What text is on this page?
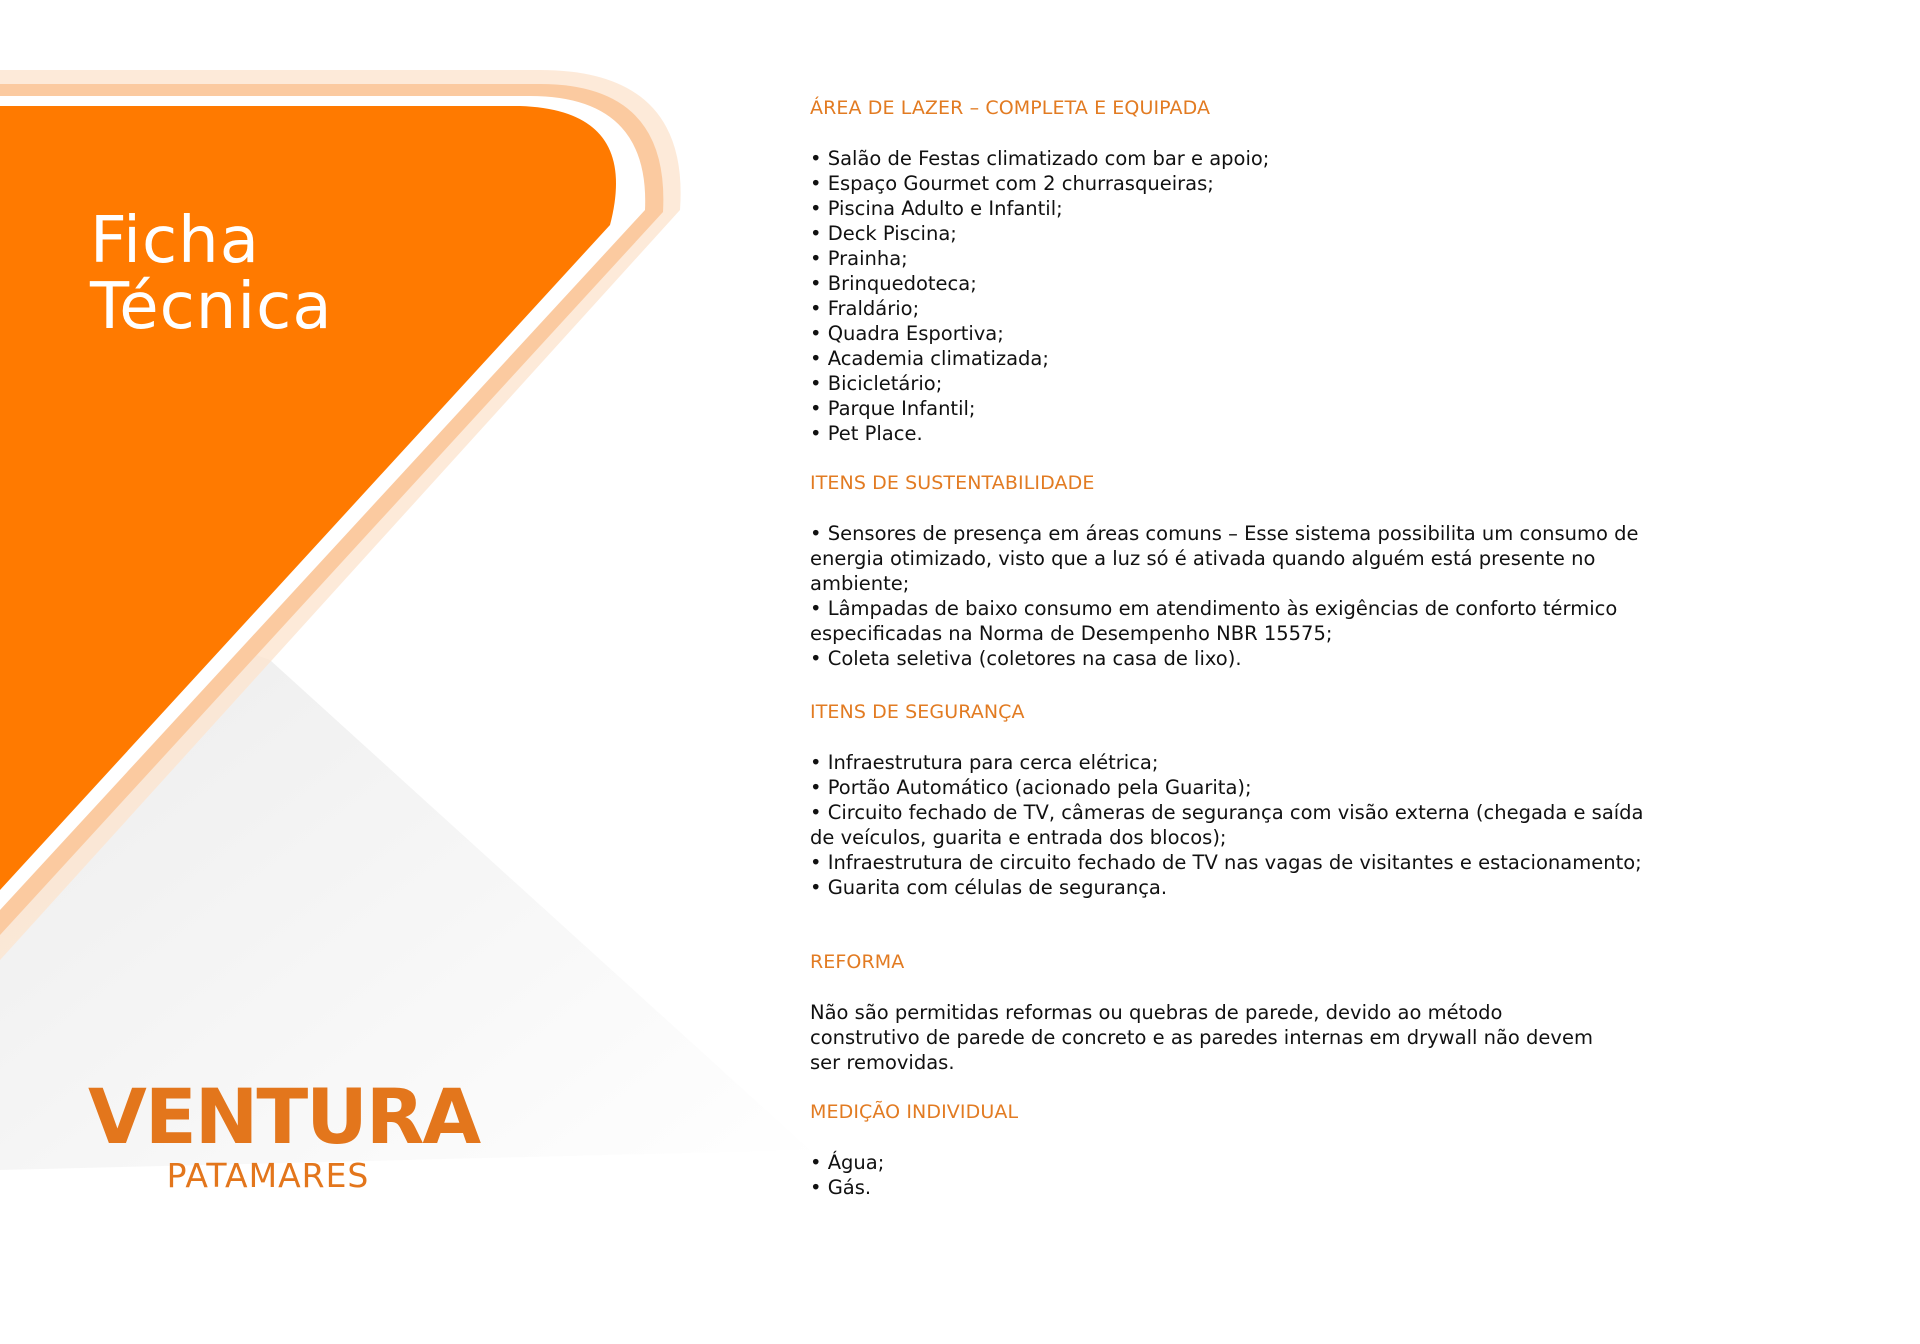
Ficha
Técnica
VENTURA
PATAMARES
ÁREA DE LAZER – COMPLETA E EQUIPADA
• Salão de Festas climatizado com bar e apoio;
• Espaço Gourmet com 2 churrasqueiras;
• Piscina Adulto e Infantil;
• Deck Piscina;
• Prainha;
• Brinquedoteca;
• Fraldário;
• Quadra Esportiva;
• Academia climatizada;
• Bicicletário;
• Parque Infantil;
• Pet Place.
ITENS DE SUSTENTABILIDADE
• Sensores de presença em áreas comuns – Esse sistema possibilita um consumo de energia otimizado, visto que a luz só é ativada quando alguém está presente no ambiente;
• Lâmpadas de baixo consumo em atendimento às exigências de conforto térmico especificadas na Norma de Desempenho NBR 15575;
• Coleta seletiva (coletores na casa de lixo).
ITENS DE SEGURANÇA
• Infraestrutura para cerca elétrica;
• Portão Automático (acionado pela Guarita);
• Circuito fechado de TV, câmeras de segurança com visão externa (chegada e saída de veículos, guarita e entrada dos blocos);
• Infraestrutura de circuito fechado de TV nas vagas de visitantes e estacionamento;
• Guarita com células de segurança.
REFORMA

Não são permitidas reformas ou quebras de parede, devido ao método construtivo de parede de concreto e as paredes internas em drywall não devem ser removidas.

MEDIÇÃO INDIVIDUAL
• Água;
• Gás.
